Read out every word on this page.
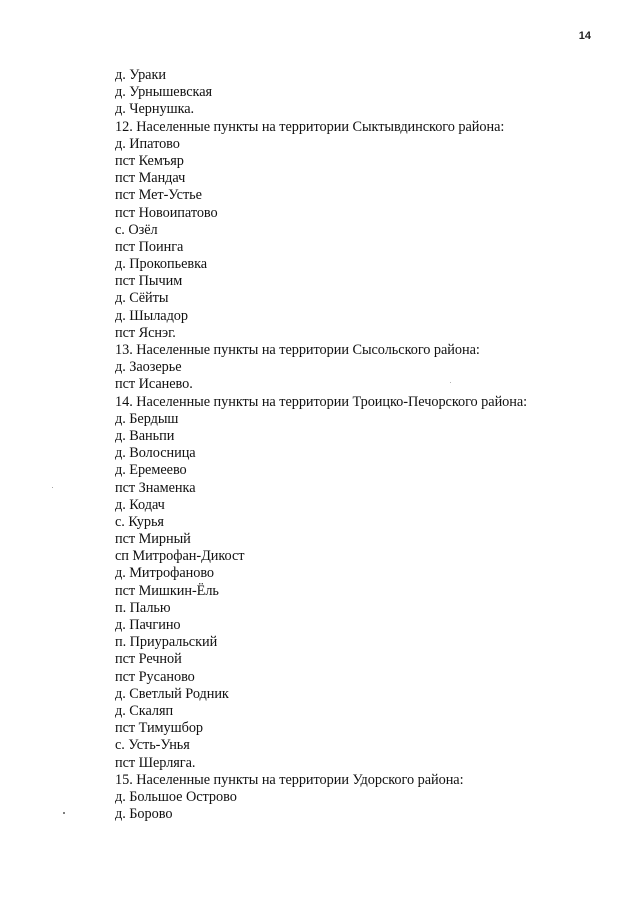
14
д. Ураки
д. Урнышевская
д. Чернушка.
12. Населенные пункты на территории Сыктывдинского района:
д. Ипатово
пст Кемъяр
пст Мандач
пст Мет-Устье
пст Новоипатово
с. Озёл
пст Поинга
д. Прокопьевка
пст Пычим
д. Сёйты
д. Шыладор
пст Яснэг.
13. Населенные пункты на территории Сысольского района:
д. Заозерье
пст Исанево.
14. Населенные пункты на территории Троицко-Печорского района:
д. Бердыш
д. Ваньпи
д. Волосница
д. Еремеево
пст Знаменка
д. Кодач
с. Курья
пст Мирный
сп Митрофан-Дикост
д. Митрофаново
пст Мишкин-Ёль
п. Палью
д. Пачгино
п. Приуральский
пст Речной
пст Русаново
д. Светлый Родник
д. Скаляп
пст Тимушбор
с. Усть-Унья
пст Шерляга.
15. Населенные пункты на территории Удорского района:
д. Большое Острово
д. Борово
